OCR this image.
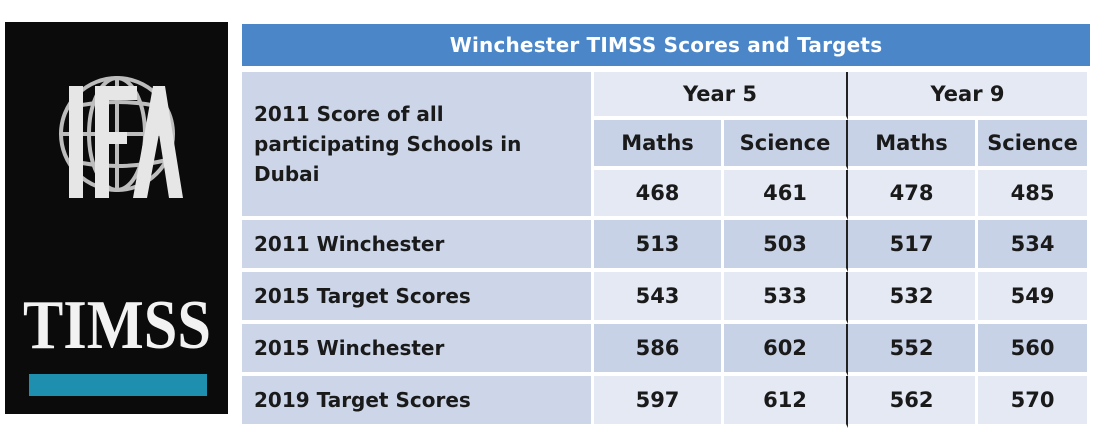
TIMSS
Winchester TIMSS Scores and Targets
2011 Score of all participating Schools in Dubai	Year 5		Year 9	
	Maths	Science	Maths	Science
	468	461	478	485
2011 Winchester	513	503	517	534
2015 Target Scores	543	533	532	549
2015 Winchester	586	602	552	560
2019 Target Scores	597	612	562	570
